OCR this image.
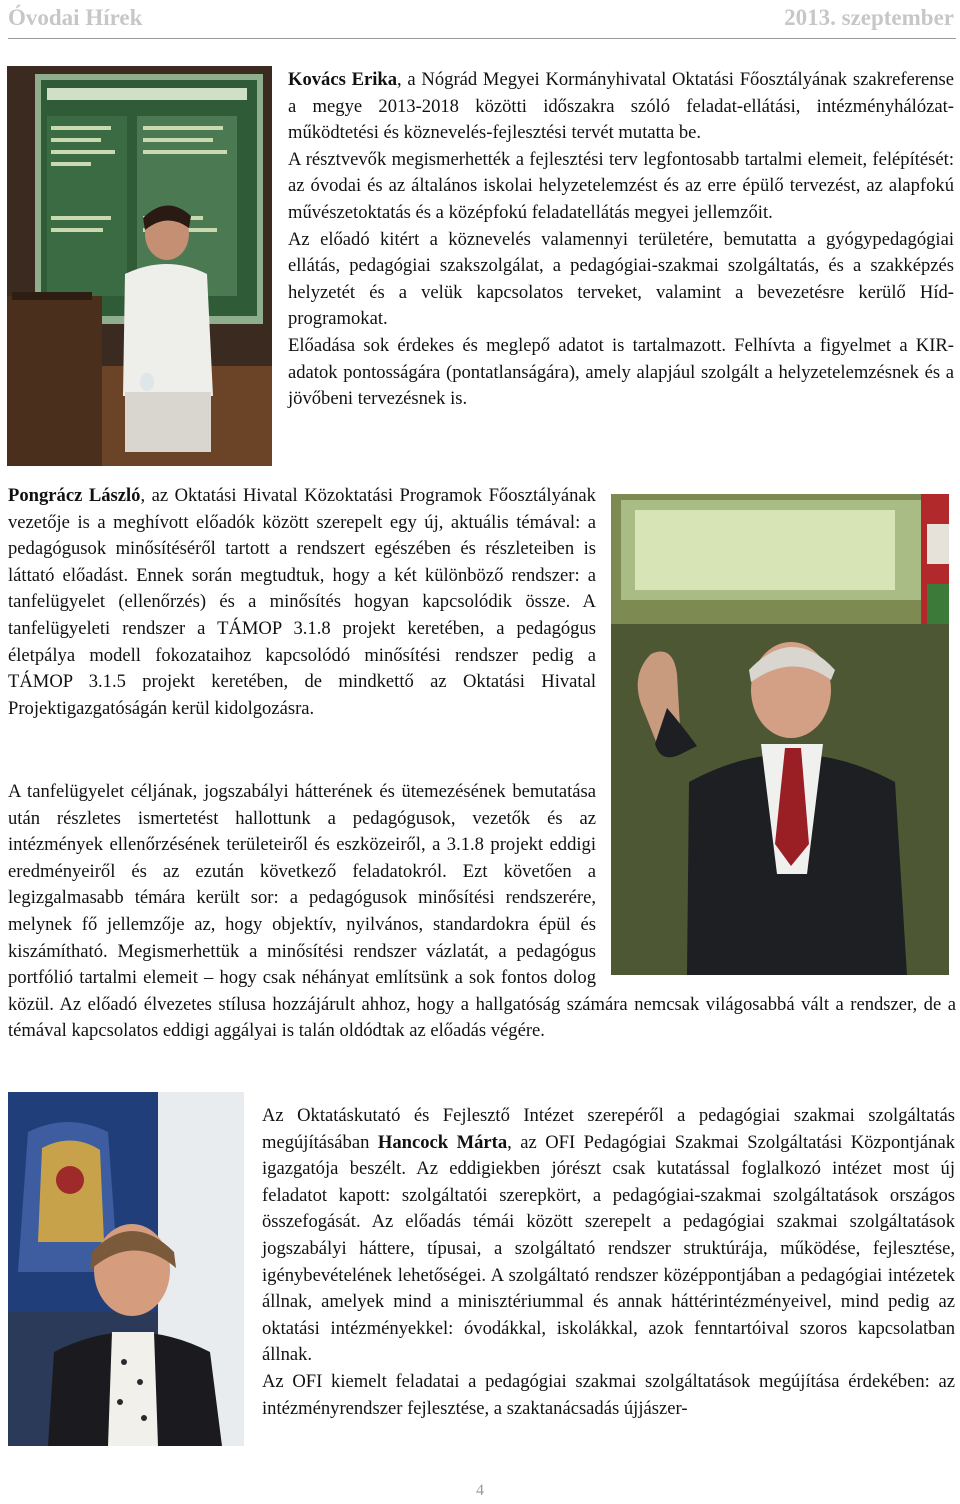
Óvodai Hírek	2013. szeptember

Kovács Erika, a Nógrád Megyei Kormányhivatal Oktatási Főosztályának szakreferense a megye 2013-2018 közötti időszakra szóló feladat-ellátási, intézményhálózat-működtetési és köznevelés-fejlesztési tervét mutatta be.

A résztvevők megismerhették a fejlesztési terv legfontosabb tartalmi elemeit, felépítését: az óvodai és az általános iskolai helyzetelemzést és az erre épülő tervezést, az alapfokú művészetoktatás és a középfokú feladatellátás megyei jellemzőit.

Az előadó kitért a köznevelés valamennyi területére, bemutatta a gyógypedagógiai ellátás, pedagógiai szakszolgálat, a pedagógiai-szakmai szolgáltatás, és a szakképzés helyzetét és a velük kapcsolatos terveket, valamint a bevezetésre kerülő Híd-programokat.

Előadása sok érdekes és meglepő adatot is tartalmazott. Felhívta a figyelmet a KIR-adatok pontosságára (pontatlanságára), amely alapjául szolgált a helyzetelemzésnek és a jövőbeni tervezésnek is.

Pongrácz László, az Oktatási Hivatal Közoktatási Programok Főosztályának vezetője is a meghívott előadók között szerepelt egy új, aktuális témával: a pedagógusok minősítéséről tartott a rendszert egészében és részleteiben is láttató előadást. Ennek során megtudtuk, hogy a két különböző rendszer: a tanfelügyelet (ellenőrzés) és a minősítés hogyan kapcsolódik össze. A tanfelügyeleti rendszer a TÁMOP 3.1.8 projekt keretében, a pedagógus életpálya modell fokozataihoz kapcsolódó minősítési rendszer pedig a TÁMOP 3.1.5 projekt keretében, de mindkettő az Oktatási Hivatal Projektigazgatóságán kerül kidolgozásra.

A tanfelügyelet céljának, jogszabályi hátterének és ütemezésének bemutatása után részletes ismertetést hallottunk a pedagógusok, vezetők és az intézmények ellenőrzésének területeiről és eszközeiről, a 3.1.8 projekt eddigi eredményeiről és az ezután következő feladatokról. Ezt követően a legizgalmasabb témára került sor: a pedagógusok minősítési rendszerére, melynek fő jellemzője az, hogy objektív, nyilvános, standardokra épül és kiszámítható. Megismerhettük a minősítési rendszer vázlatát, a pedagógus portfólió tartalmi elemeit – hogy csak néhányat említsünk a sok fontos dolog közül. Az előadó élvezetes stílusa hozzájárult ahhoz, hogy a hallgatóság számára nemcsak világosabbá vált a rendszer, de a témával kapcsolatos eddigi aggályai is talán oldódtak az előadás végére.

Az Oktatáskutató és Fejlesztő Intézet szerepéről a pedagógiai szakmai szolgáltatás megújításában Hancock Márta, az OFI Pedagógiai Szakmai Szolgáltatási Központjának igazgatója beszélt. Az eddigiekben jórészt csak kutatással foglalkozó intézet most új feladatot kapott: szolgáltatói szerepkört, a pedagógiai-szakmai szolgáltatások országos összefogását. Az előadás témái között szerepelt a pedagógiai szakmai szolgáltatások jogszabályi háttere, típusai, a szolgáltató rendszer struktúrája, működése, fejlesztése, igénybevételének lehetőségei. A szolgáltató rendszer középpontjában a pedagógiai intézetek állnak, amelyek mind a minisztériummal és annak háttérintézményeivel, mind pedig az oktatási intézményekkel: óvodákkal, iskolákkal, azok fenntartóival szoros kapcsolatban állnak.

Az OFI kiemelt feladatai a pedagógiai szakmai szolgáltatások megújítása érdekében: az intézményrendszer fejlesztése, a szaktanácsadás újjászer-

4
